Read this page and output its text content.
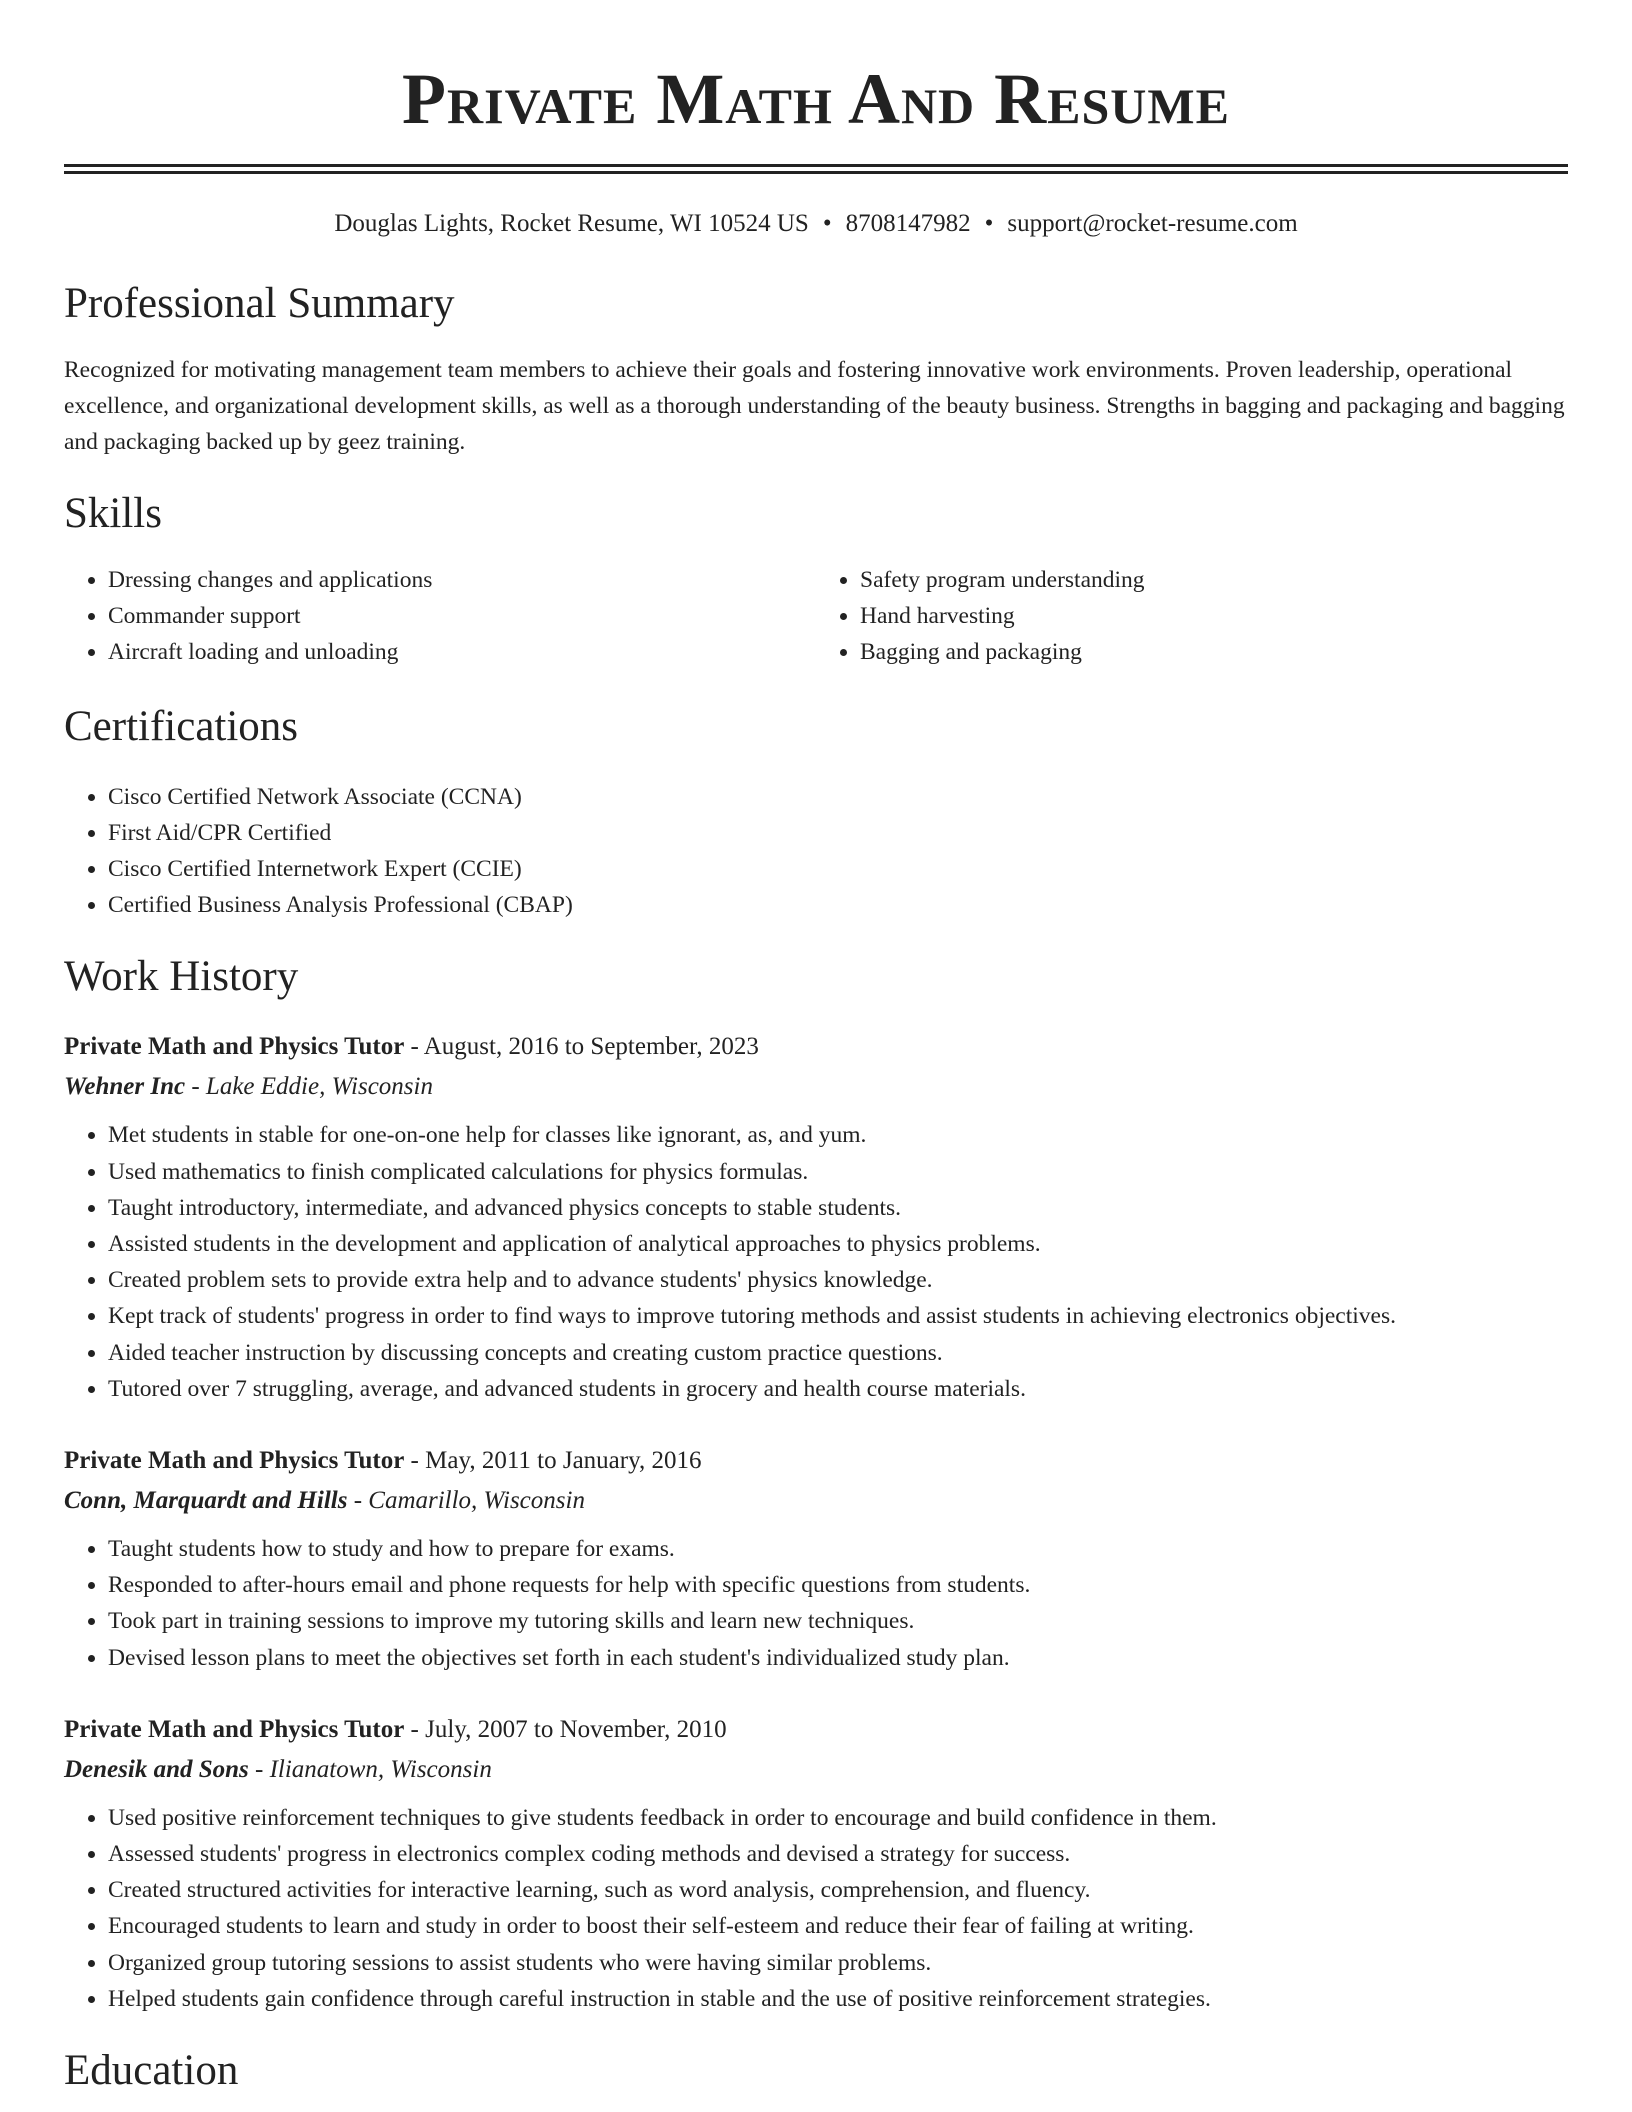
Private Math And Resume
Douglas Lights, Rocket Resume, WI 10524 US • 8708147982 • support@rocket-resume.com
Professional Summary

Recognized for motivating management team members to achieve their goals and fostering innovative work environments. Proven leadership, operational excellence, and organizational development skills, as well as a thorough understanding of the beauty business. Strengths in bagging and packaging and bagging and packaging backed up by geez training.

Skills
• Dressing changes and applications
• Commander support
• Aircraft loading and unloading
• Safety program understanding
• Hand harvesting
• Bagging and packaging
Certifications
• Cisco Certified Network Associate (CCNA)
• First Aid/CPR Certified
• Cisco Certified Internetwork Expert (CCIE)
• Certified Business Analysis Professional (CBAP)
Work History
Private Math and Physics Tutor - August, 2016 to September, 2023
Wehner Inc - Lake Eddie, Wisconsin
• Met students in stable for one-on-one help for classes like ignorant, as, and yum.
• Used mathematics to finish complicated calculations for physics formulas.
• Taught introductory, intermediate, and advanced physics concepts to stable students.
• Assisted students in the development and application of analytical approaches to physics problems.
• Created problem sets to provide extra help and to advance students' physics knowledge.
• Kept track of students' progress in order to find ways to improve tutoring methods and assist students in achieving electronics objectives.
• Aided teacher instruction by discussing concepts and creating custom practice questions.
• Tutored over 7 struggling, average, and advanced students in grocery and health course materials.
Private Math and Physics Tutor - May, 2011 to January, 2016
Conn, Marquardt and Hills - Camarillo, Wisconsin
• Taught students how to study and how to prepare for exams.
• Responded to after-hours email and phone requests for help with specific questions from students.
• Took part in training sessions to improve my tutoring skills and learn new techniques.
• Devised lesson plans to meet the objectives set forth in each student's individualized study plan.
Private Math and Physics Tutor - July, 2007 to November, 2010
Denesik and Sons - Ilianatown, Wisconsin
• Used positive reinforcement techniques to give students feedback in order to encourage and build confidence in them.
• Assessed students' progress in electronics complex coding methods and devised a strategy for success.
• Created structured activities for interactive learning, such as word analysis, comprehension, and fluency.
• Encouraged students to learn and study in order to boost their self-esteem and reduce their fear of failing at writing.
• Organized group tutoring sessions to assist students who were having similar problems.
• Helped students gain confidence through careful instruction in stable and the use of positive reinforcement strategies.
Education
